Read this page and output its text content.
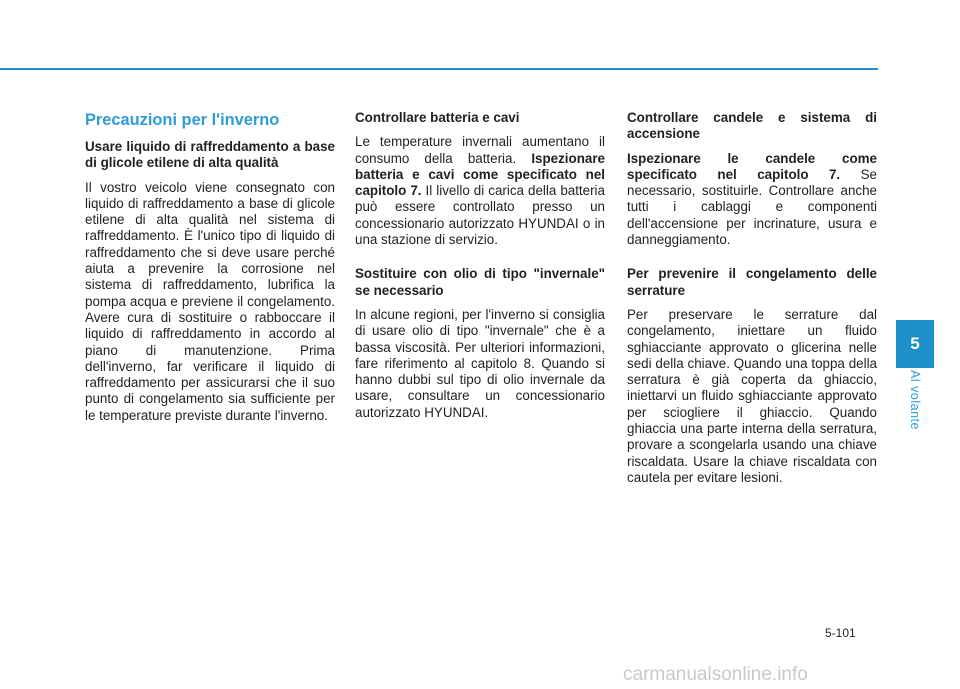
Precauzioni per l'inverno

Usare liquido di raffreddamento a base di glicole etilene di alta qualità

Il vostro veicolo viene consegnato con liquido di raffreddamento a base di glicole etilene di alta qualità nel sistema di raffreddamento. È l'unico tipo di liquido di raffreddamento che si deve usare perché aiuta a prevenire la corrosione nel sistema di raffreddamento, lubrifica la pompa acqua e previene il congelamento. Avere cura di sostituire o rabboccare il liquido di raffreddamento in accordo al piano di manutenzione. Prima dell'inverno, far verificare il liquido di raffreddamento per assicurarsi che il suo punto di congelamento sia sufficiente per le temperature previste durante l'inverno.

Controllare batteria e cavi

Le temperature invernali aumentano il consumo della batteria. Ispezionare batteria e cavi come specificato nel capitolo 7. Il livello di carica della batteria può essere controllato presso un concessionario autorizzato HYUNDAI o in una stazione di servizio.

Sostituire con olio di tipo "invernale" se necessario

In alcune regioni, per l'inverno si consiglia di usare olio di tipo "invernale" che è a bassa viscosità. Per ulteriori informazioni, fare riferimento al capitolo 8. Quando si hanno dubbi sul tipo di olio invernale da usare, consultare un concessionario autorizzato HYUNDAI.

Controllare candele e sistema di accensione

Ispezionare le candele come specificato nel capitolo 7. Se necessario, sostituirle. Controllare anche tutti i cablaggi e componenti dell'accensione per incrinature, usura e danneggiamento.

Per prevenire il congelamento delle serrature

Per preservare le serrature dal congelamento, iniettare un fluido sghiacciante approvato o glicerina nelle sedi della chiave. Quando una toppa della serratura è già coperta da ghiaccio, iniettarvi un fluido sghiacciante approvato per sciogliere il ghiaccio. Quando ghiaccia una parte interna della serratura, provare a scongelarla usando una chiave riscaldata. Usare la chiave riscaldata con cautela per evitare lesioni.

5
Al volante
5-101
carmanualsonline.info
